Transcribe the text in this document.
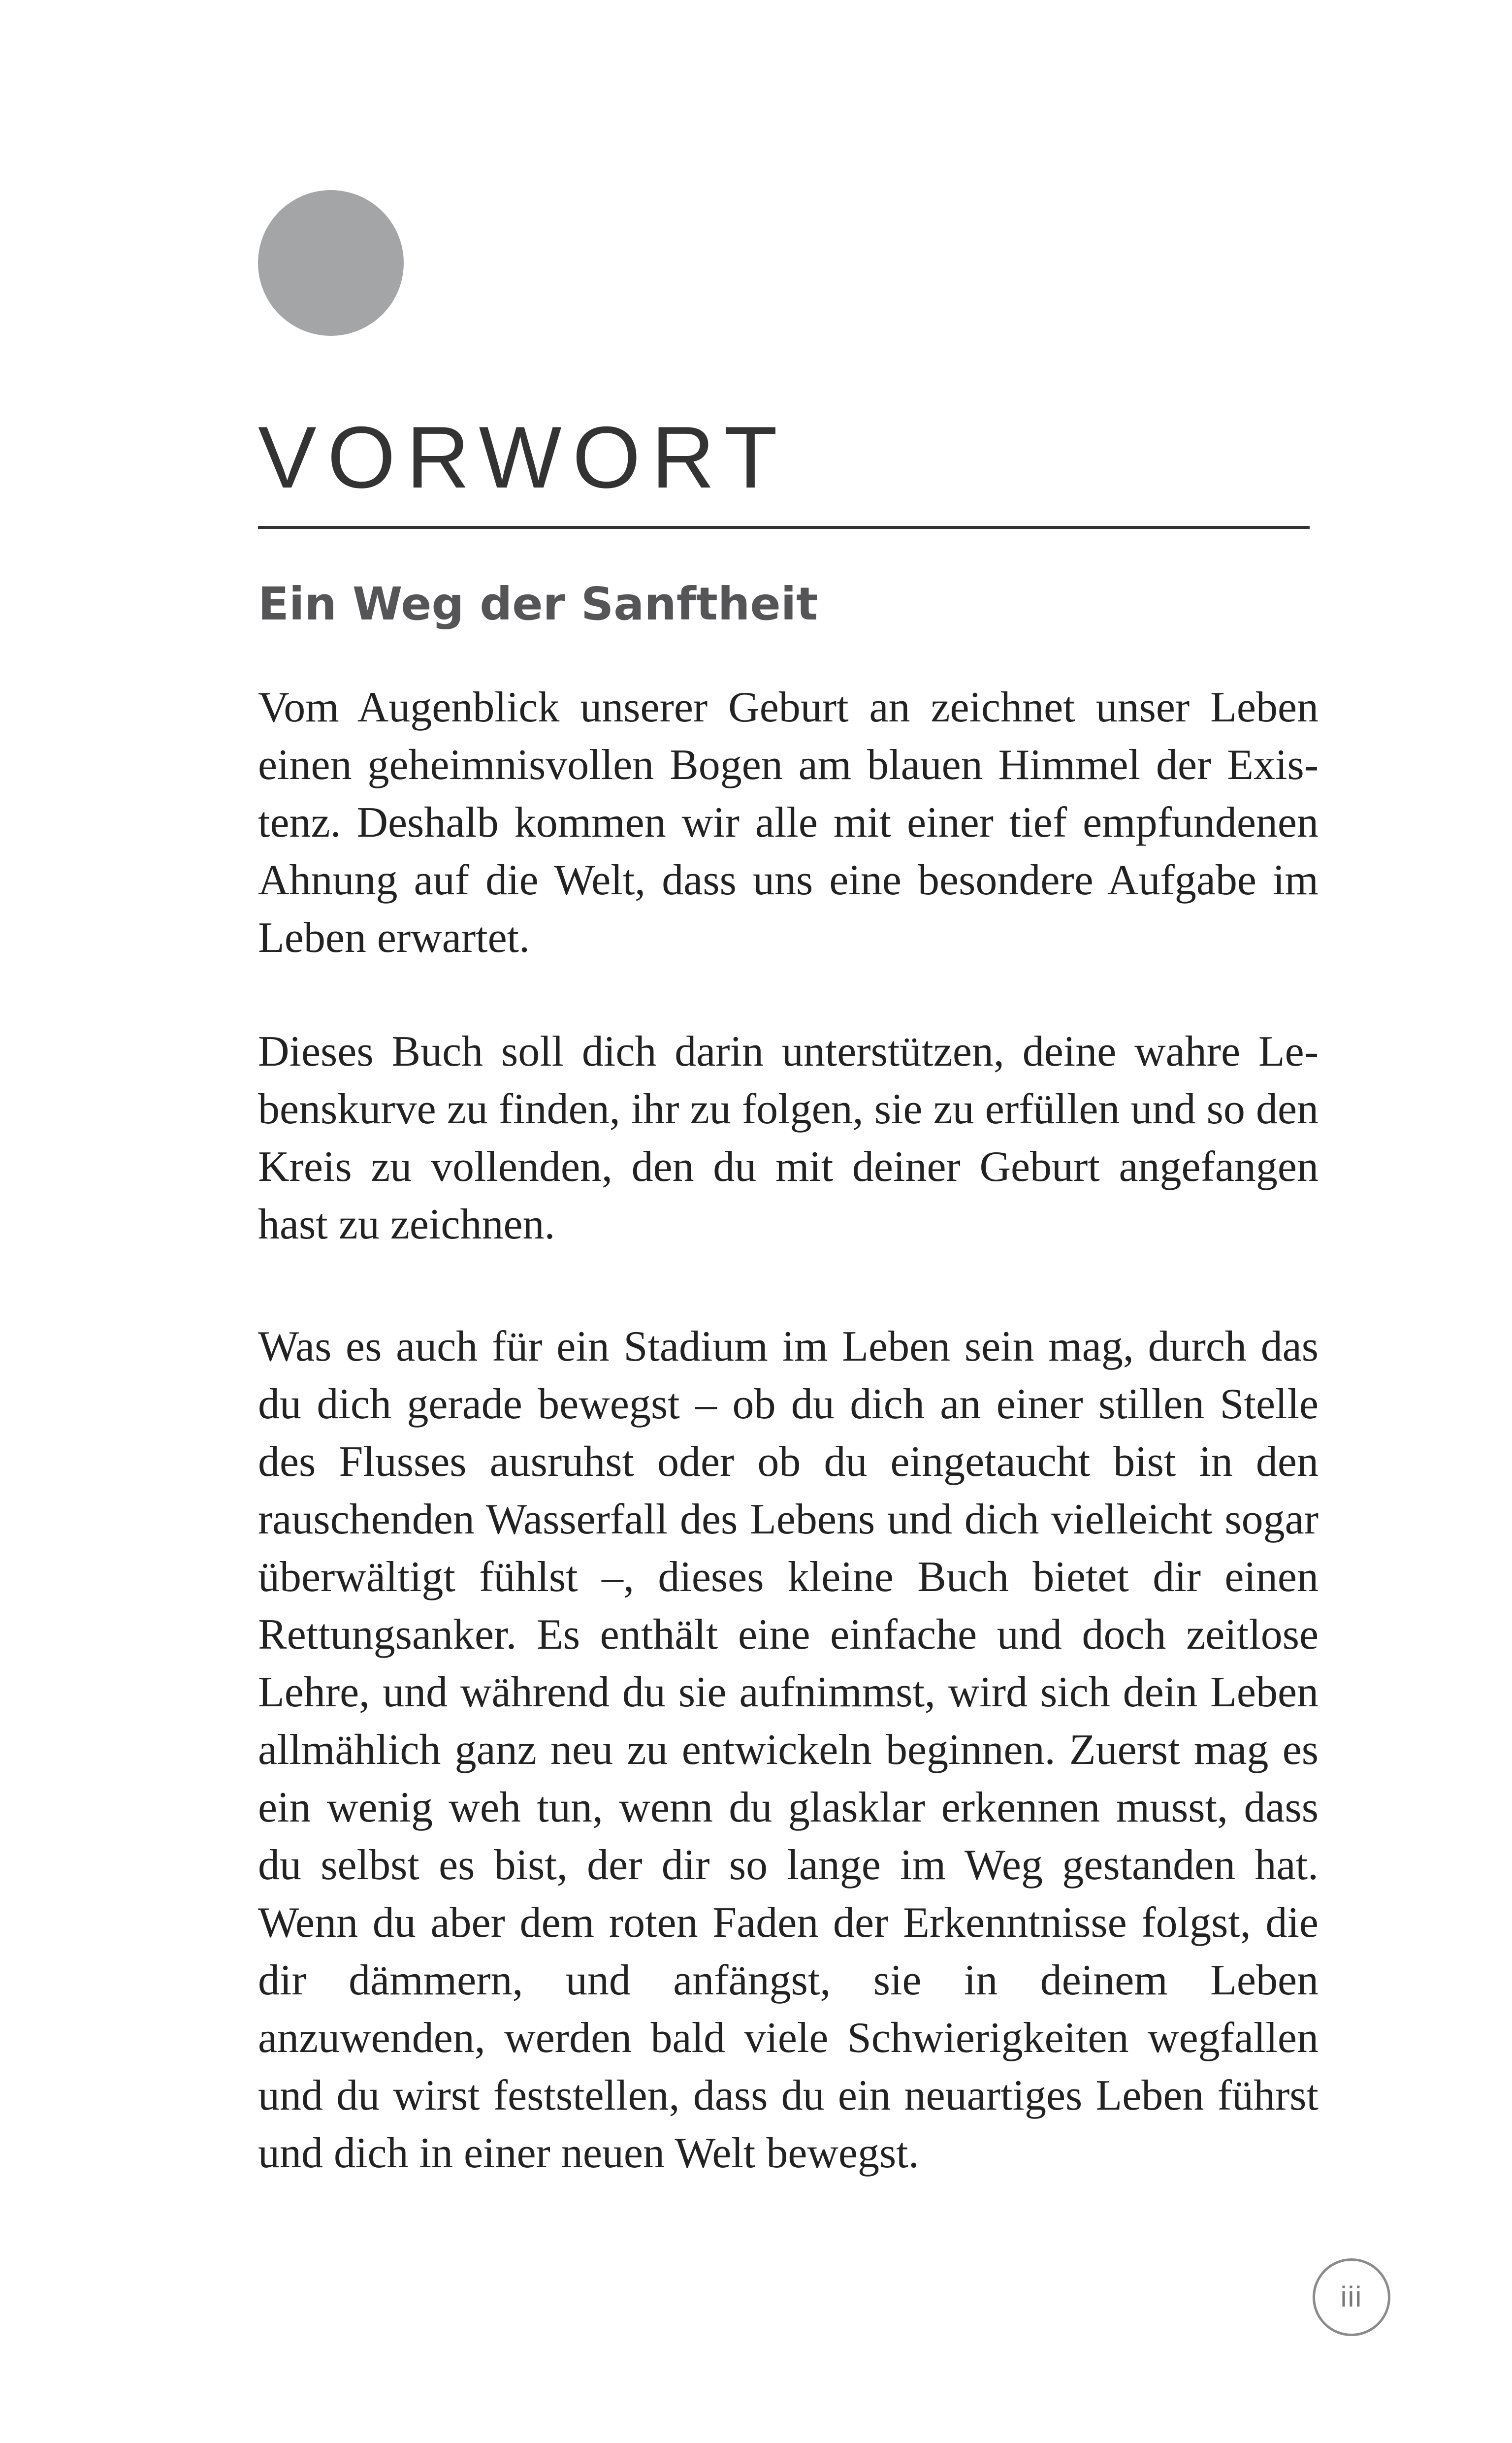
VORWORT
Ein Weg der Sanftheit

Vom Augenblick unserer Geburt an zeichnet unser Leben einen geheimnisvollen Bogen am blauen Himmel der Existenz. Deshalb kommen wir alle mit einer tief empfundenen Ahnung auf die Welt, dass uns eine besondere Aufgabe im Leben erwartet.

Dieses Buch soll dich darin unterstützen, deine wahre Lebenskurve zu finden, ihr zu folgen, sie zu erfüllen und so den Kreis zu vollenden, den du mit deiner Geburt angefangen hast zu zeichnen.

Was es auch für ein Stadium im Leben sein mag, durch das du dich gerade bewegst – ob du dich an einer stillen Stelle des Flusses ausruhst oder ob du eingetaucht bist in den rauschenden Wasserfall des Lebens und dich vielleicht sogar überwältigt fühlst –, dieses kleine Buch bietet dir einen Rettungsanker. Es enthält eine einfache und doch zeitlose Lehre, und während du sie aufnimmst, wird sich dein Leben allmählich ganz neu zu entwickeln beginnen. Zuerst mag es ein wenig weh tun, wenn du glasklar erkennen musst, dass du selbst es bist, der dir so lange im Weg gestanden hat. Wenn du aber dem roten Faden der Erkenntnisse folgst, die dir dämmern, und anfängst, sie in deinem Leben anzuwenden, werden bald viele Schwierigkeiten wegfallen und du wirst feststellen, dass du ein neuartiges Leben führst und dich in einer neuen Welt bewegst.

iii
